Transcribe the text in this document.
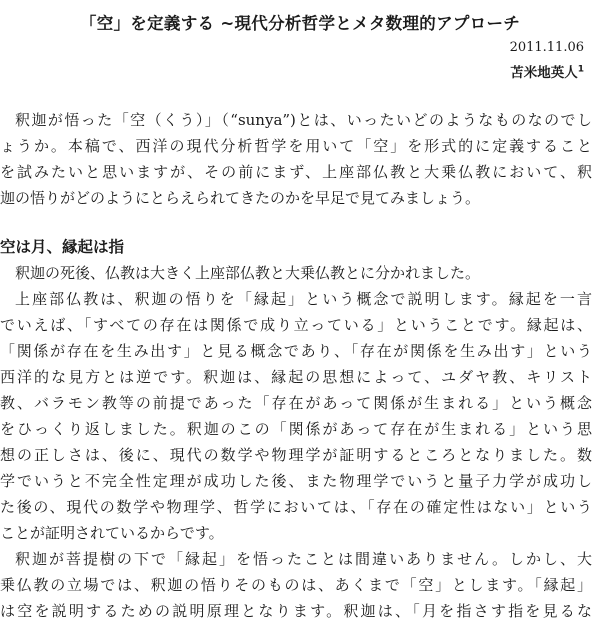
「空」を定義する ~現代分析哲学とメタ数理的アプローチ
2011.11.06
苫米地英人$^1$
釈迦が悟った「空（くう）」（“sunya”)とは、いったいどのようなものなのでし
ょうか。本稿で、西洋の現代分析哲学を用いて「空」を形式的に定義すること
を試みたいと思いますが、その前にまず、上座部仏教と大乗仏教において、釈
迦の悟りがどのようにとらえられてきたのかを早足で見てみましょう。
空は月、縁起は指
釈迦の死後、仏教は大きく上座部仏教と大乗仏教とに分かれました。
上座部仏教は、釈迦の悟りを「縁起」という概念で説明します。縁起を一言
でいえば、「すべての存在は関係で成り立っている」ということです。縁起は、
「関係が存在を生み出す」と見る概念であり、「存在が関係を生み出す」という
西洋的な見方とは逆です。釈迦は、縁起の思想によって、ユダヤ教、キリスト
教、バラモン教等の前提であった「存在があって関係が生まれる」という概念
をひっくり返しました。釈迦のこの「関係があって存在が生まれる」という思
想の正しさは、後に、現代の数学や物理学が証明するところとなりました。数
学でいうと不完全性定理が成功した後、また物理学でいうと量子力学が成功し
た後の、現代の数学や物理学、哲学においては、「存在の確定性はない」という
ことが証明されているからです。
釈迦が菩提樹の下で「縁起」を悟ったことは間違いありません。しかし、大
乗仏教の立場では、釈迦の悟りそのものは、あくまで「空」とします。「縁起」
は空を説明するための説明原理となります。釈迦は、「月を指さす指を見るな
